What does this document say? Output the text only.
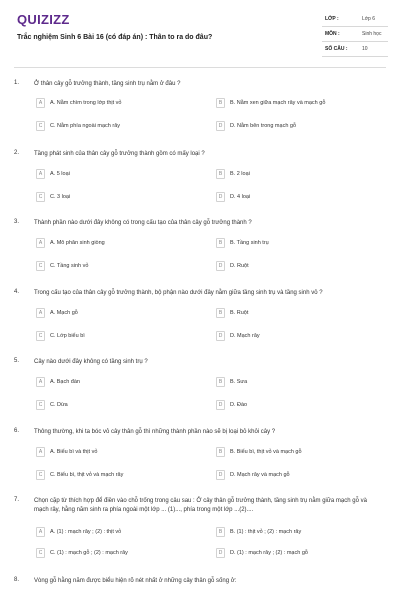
QUIZIZZ
Trắc nghiệm Sinh 6 Bài 16 (có đáp án) : Thân to ra do đâu?
LỚP :	Lớp 6
MÔN :	Sinh học
SỐ CÂU :	10
1. Ở thân cây gỗ trưởng thành, tầng sinh trụ nằm ở đâu ?
A	A. Nằm chìm trong lớp thịt vỏ	B	B. Nằm xen giữa mạch rây và mạch gỗ
C	C. Nằm phía ngoài mạch rây	D	D. Nằm bên trong mạch gỗ
2. Tầng phát sinh của thân cây gỗ trưởng thành gồm có mấy loại ?
A	A. 5 loại	B	B. 2 loại
C	C. 3 loại	D	D. 4 loại
3. Thành phần nào dưới đây không có trong cấu tạo của thân cây gỗ trưởng thành ?
A	A. Mô phân sinh giòng	B	B. Tầng sinh trụ
C	C. Tầng sinh vỏ	D	D. Ruột
4. Trong cấu tạo của thân cây gỗ trưởng thành, bộ phận nào dưới đây nằm giữa tầng sinh trụ và tầng sinh vỏ ?
A	A. Mạch gỗ	B	B. Ruột
C	C. Lớp biểu bì	D	D. Mạch rây
5. Cây nào dưới đây không có tầng sinh trụ ?
A	A. Bạch đàn	B	B. Sưa
C	C. Dừa	D	D. Đào
6. Thông thường, khi ta bóc vỏ cây thân gỗ thì những thành phần nào sẽ bị loại bỏ khỏi cây ?
A	A. Biểu bì và thịt vỏ	B	B. Biểu bì, thịt vỏ và mạch gỗ
C	C. Biểu bì, thịt vỏ và mạch rây	D	D. Mạch rây và mạch gỗ
7. Chọn cặp từ thích hợp để điền vào chỗ trống trong câu sau : Ở cây thân gỗ trưởng thành, tầng sinh trụ nằm giữa mạch gỗ và mạch rây, hằng năm sinh ra phía ngoài một lớp ... (1)..., phía trong một lớp ...(2)....
A	A. (1) : mạch rây ; (2) : thịt vỏ	B	B. (1) : thịt vỏ ; (2) : mạch rây
C	C. (1) : mạch gỗ ; (2) : mạch rây	D	D. (1) : mạch rây ; (2) : mạch gỗ
8. Vòng gỗ hằng năm được biểu hiện rõ nét nhất ở những cây thân gỗ sống ở:
